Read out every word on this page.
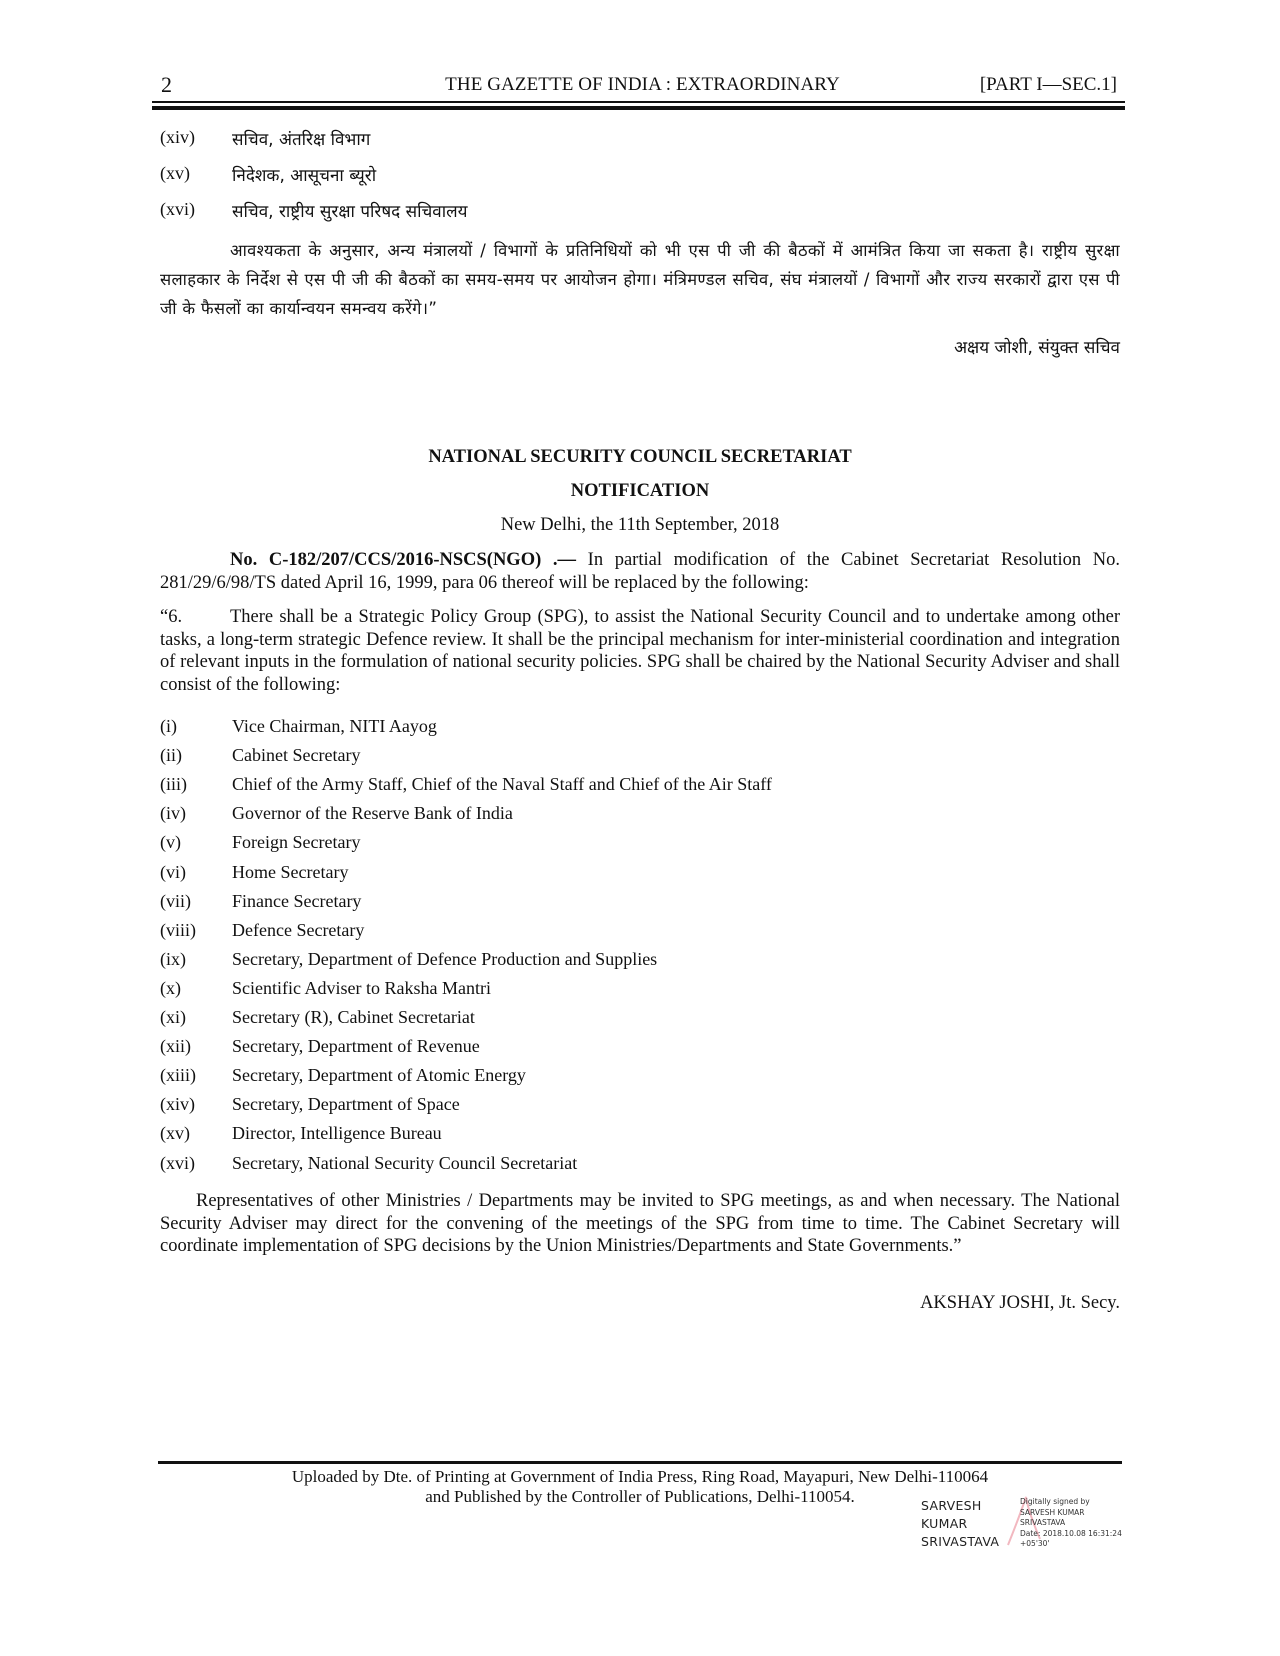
2	THE GAZETTE OF INDIA : EXTRAORDINARY	[PART I—SEC.1]
(xiv) सचिव, अंतरिक्ष विभाग
(xv) निदेशक, आसूचना ब्यूरो
(xvi) सचिव, राष्ट्रीय सुरक्षा परिषद सचिवालय
आवश्यकता के अनुसार, अन्य मंत्रालयों / विभागों के प्रतिनिधियों को भी एस पी जी की बैठकों में आमंत्रित किया जा सकता है। राष्ट्रीय सुरक्षा सलाहकार के निर्देश से एस पी जी की बैठकों का समय-समय पर आयोजन होगा। मंत्रिमण्डल सचिव, संघ मंत्रालयों / विभागों और राज्य सरकारों द्वारा एस पी जी के फैसलों का कार्यान्वयन समन्वय करेंगे।”
अक्षय जोशी, संयुक्त सचिव
NATIONAL SECURITY COUNCIL SECRETARIAT
NOTIFICATION
New Delhi, the 11th September, 2018
No. C-182/207/CCS/2016-NSCS(NGO) .— In partial modification of the Cabinet Secretariat Resolution No. 281/29/6/98/TS dated April 16, 1999, para 06 thereof will be replaced by the following:
“6.	There shall be a Strategic Policy Group (SPG), to assist the National Security Council and to undertake among other tasks, a long-term strategic Defence review. It shall be the principal mechanism for inter-ministerial coordination and integration of relevant inputs in the formulation of national security policies. SPG shall be chaired by the National Security Adviser and shall consist of the following:
(i)	Vice Chairman, NITI Aayog
(ii)	Cabinet Secretary
(iii)	Chief of the Army Staff, Chief of the Naval Staff and Chief of the Air Staff
(iv)	Governor of the Reserve Bank of India
(v)	Foreign Secretary
(vi)	Home Secretary
(vii) Finance Secretary
(viii) Defence Secretary
(ix)	Secretary, Department of Defence Production and Supplies
(x)	Scientific Adviser to Raksha Mantri
(xi)	Secretary (R), Cabinet Secretariat
(xii) Secretary, Department of Revenue
(xiii) Secretary, Department of Atomic Energy
(xiv) Secretary, Department of Space
(xv) Director, Intelligence Bureau
(xvi) Secretary, National Security Council Secretariat
Representatives of other Ministries / Departments may be invited to SPG meetings, as and when necessary. The National Security Adviser may direct for the convening of the meetings of the SPG from time to time. The Cabinet Secretary will coordinate implementation of SPG decisions by the Union Ministries/Departments and State Governments.”
AKSHAY JOSHI, Jt. Secy.
Uploaded by Dte. of Printing at Government of India Press, Ring Road, Mayapuri, New Delhi-110064
and Published by the Controller of Publications, Delhi-110054.	SARVESH
KUMAR
SRIVASTAVA
Digitally signed by
SARVESH KUMAR
SRIVASTAVA
Date: 2018.10.08 16:31:24
+05'30'
